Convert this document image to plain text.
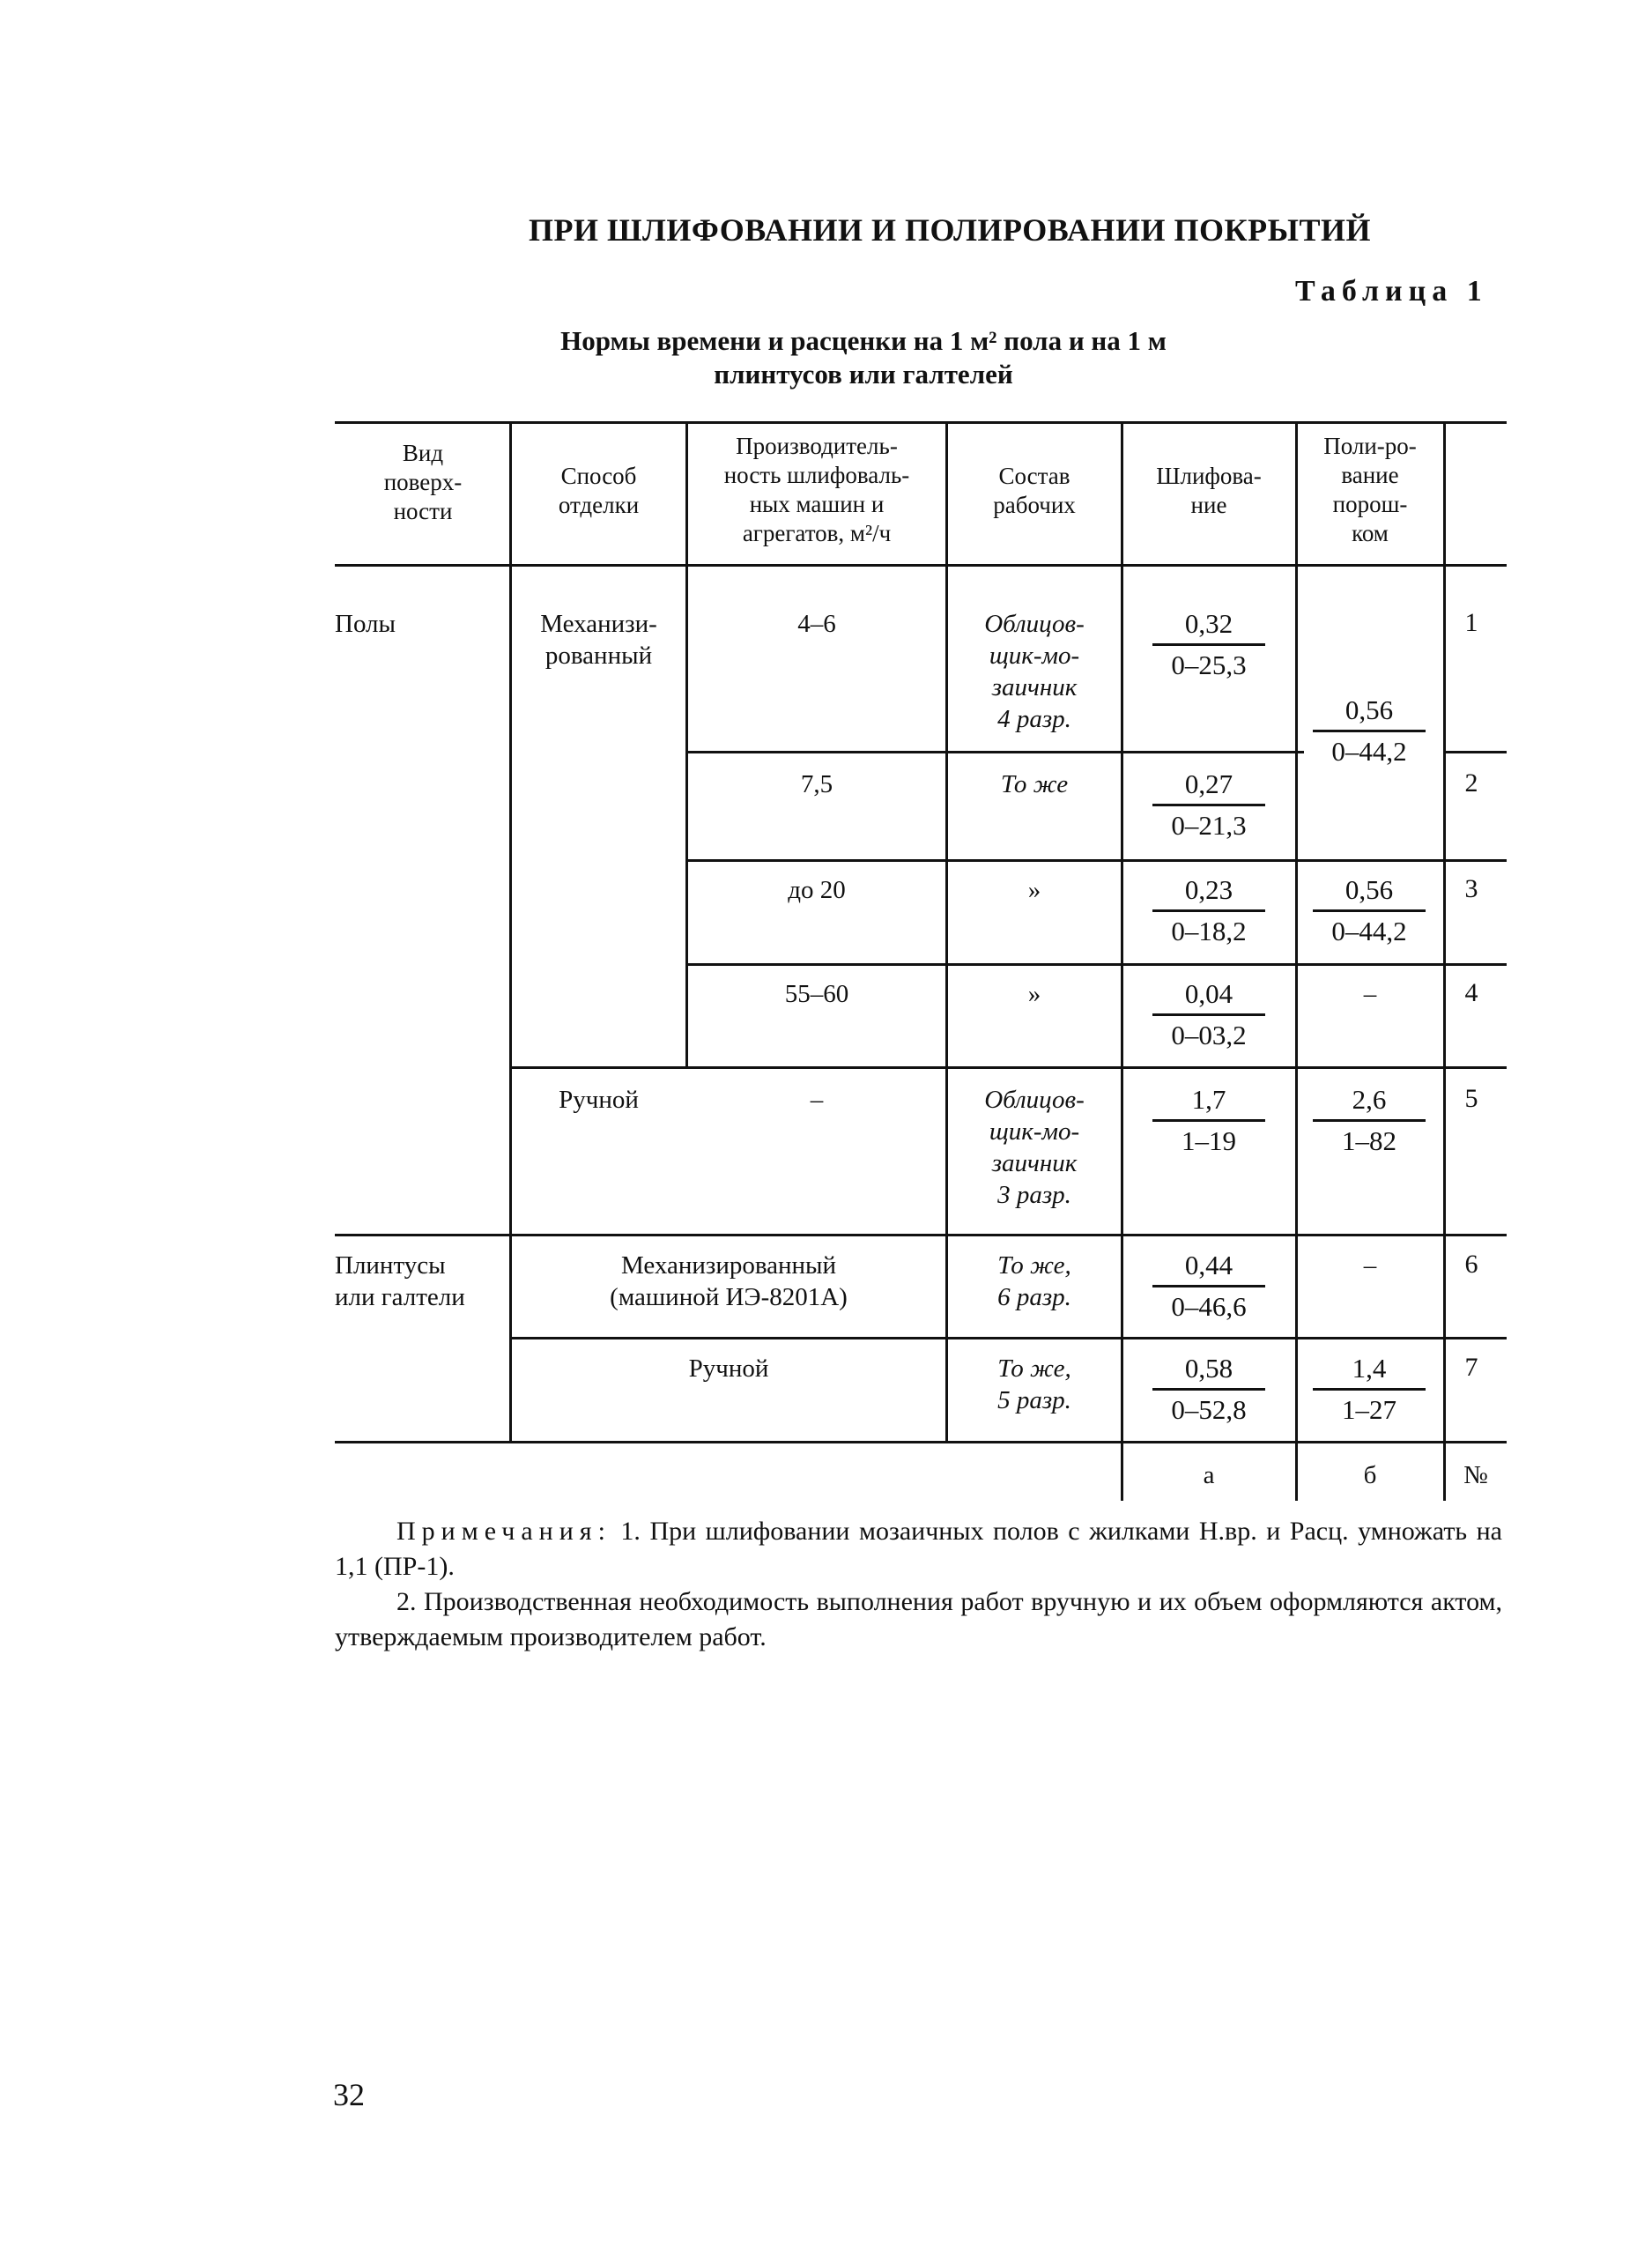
ПРИ ШЛИФОВАНИИ И ПОЛИРОВАНИИ ПОКРЫТИЙ
Таблица 1
Нормы времени и расценки на 1 м² пола и на 1 м
плинтусов или галтелей
Вид
поверх-
ности
Способ
отделки
Производитель-
ность шлифоваль-
ных машин и
агрегатов, м²/ч
Состав
рабочих
Шлифова-
ние
Поли-ро-
вание
порош-
ком
Полы
Плинтусы
или галтели
Механизи-
рованный
Ручной
Механизированный
(машиной ИЭ-8201А)
Ручной
4–6
7,5
до 20
55–60
–
Облицов-
щик-мо-
заичник
4 разр.
То же
»
»
Облицов-
щик-мо-
заичник
3 разр.
То же,
6 разр.
То же,
5 разр.
$\frac{0,32}{0-25,3}$
$\frac{0,27}{0-21,3}$
$\frac{0,23}{0-18,2}$
$\frac{0,04}{0-03,2}$
$\frac{1,7}{1-19}$
$\frac{0,44}{0-46,6}$
$\frac{0,58}{0-52,8}$
$\frac{0,56}{0-44,2}$
$\frac{0,56}{0-44,2}$
–
$\frac{2,6}{1-82}$
–
$\frac{1,4}{1-27}$
1
2
3
4
5
6
7
а	б	№

Примечания: 1. При шлифовании мозаичных полов с жилками Н.вр. и Расц. умножать на 1,1 (ПР-1).

2. Производственная необходимость выполнения работ вручную и их объем оформляются актом, утверждаемым производителем работ.

32
